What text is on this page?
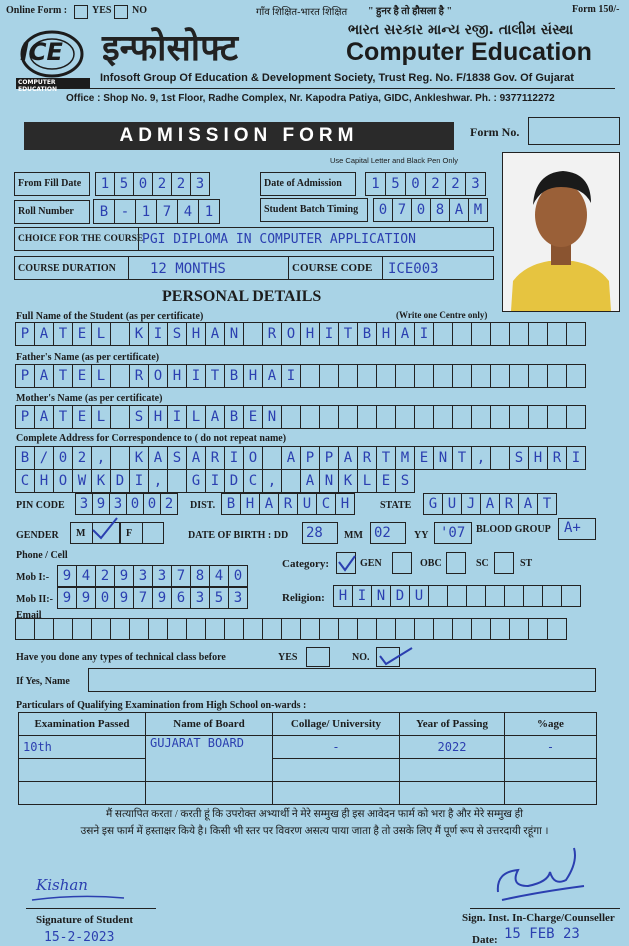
Online Form : YES NO	गाँव शिक्षित-भारत शिक्षित " हुनर है तो हौसला है "	Form 150/-
ICE
COMPUTER EDUCATION
इन्फोसोफ्ट	ભારત સરકાર માન્ય રજી. તાલીમ સંસ્થા
Computer Education
Infosoft Group Of Education & Development Society, Trust Reg. No. F/1838 Gov. Of Gujarat
Office : Shop No. 9, 1st Floor, Radhe Complex, Nr. Kapodra Patiya, GIDC, Ankleshwar. Ph. : 9377112272
ADMISSION FORM	Form No.
Use Capital Letter and Black Pen Only
From Fill Date	1 5 0 2 2 3	Date of Admission	1 5 0 2 2 3
Roll Number	B - 1 7 4 1	Student Batch Timing	0 7 0 8 A M
CHOICE FOR THE COURSE
PGI DIPLOMA IN COMPUTER APPLICATION
COURSE DURATION 12 MONTHS	COURSE CODE ICE003
PERSONAL DETAILS
Full Name of the Student (as per certificate)	(Write one Centre only)
P A T E L	K I S H A N	R O H I T B H A I
Father's Name (as per certificate)
P A T E L	R O H I T B H A I
Mother's Name (as per certificate)
P A T E L	S H I L A B E N
Complete Address for Correspondence to ( do not repeat name)
B / 0 2 ,	K A S A R I O	A P P A R T M E N T ,	S H R I
C H O W K D I ,	G I D C ,	A N K L E S
PIN CODE	3 9 3 0 0 2	DIST. B H A R U C H	STATE	G U J A R A T
GENDER M	F	DATE OF BIRTH : DD 28 MM 02 YY '07 BLOOD GROUP A+
Phone / Cell
Mob I:- 9 4 2 9 3 3 7 8 4 0
Mob II:- 9 9 0 9 7 9 6 3 5 3
Category:	GEN	OBC	SC	ST
Religion:	H I N D U
Email
Have you done any types of technical class before	YES	NO.
If Yes, Name
Particulars of Qualifying Examination from High School on-wards :
Examination Passed	Name of Board	Collage/ University	Year of Passing	%age
10th	GUJARAT BOARD	-	2022	-

मैं सत्यापित करता / करती हूं कि उपरोक्त अभ्यार्थी ने मेरे सम्मुख ही इस आवेदन फार्म को भरा है और मेरे सम्मुख ही
उसने इस फार्म में हस्ताक्षर किये है। किसी भी स्तर पर विवरण असत्य पाया जाता है तो उसके लिए मैं पूर्ण रूप से उत्तरदायी रहूंगा ।
Kishan
Signature of Student
15-2-2023
Sign. Inst. In-Charge/Counseller
Date: 15 FEB 23
